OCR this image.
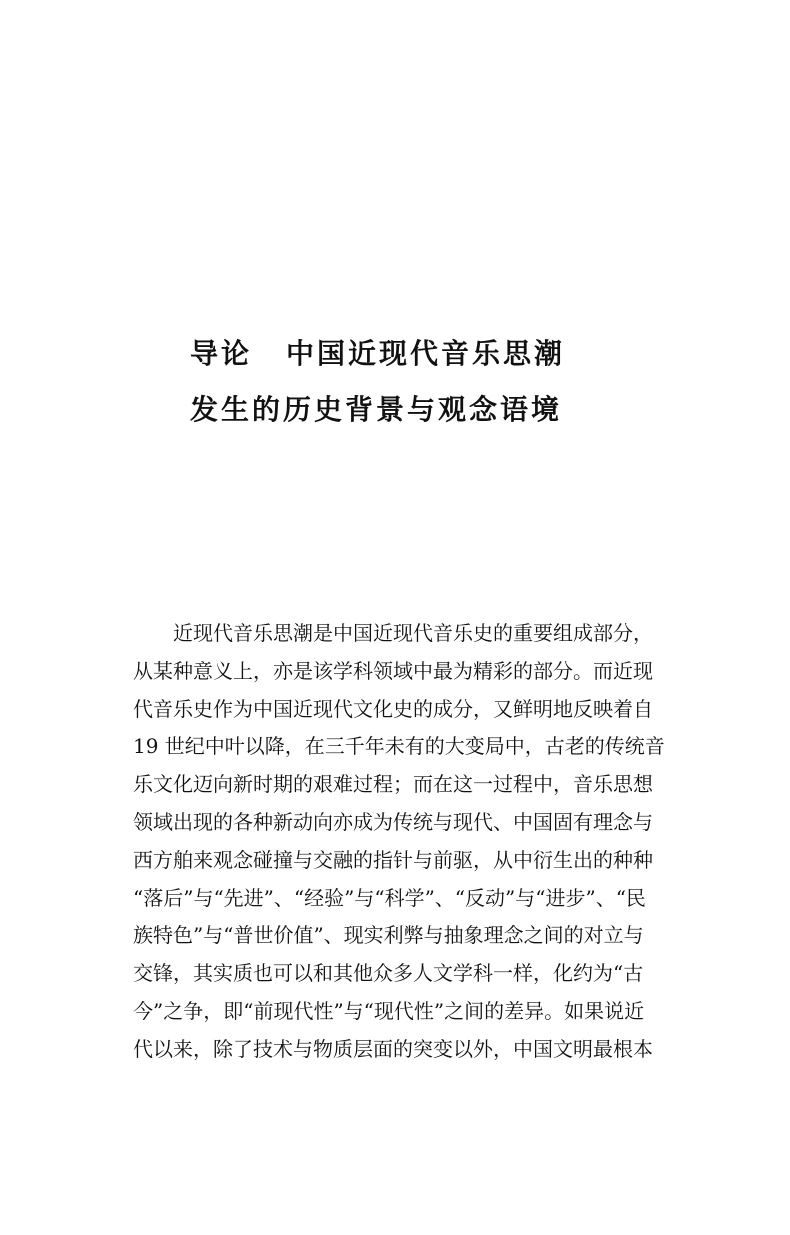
导论 中国近现代音乐思潮
发生的历史背景与观念语境
近现代音乐思潮是中国近现代音乐史的重要组成部分，
从某种意义上，亦是该学科领域中最为精彩的部分。而近现
代音乐史作为中国近现代文化史的成分，又鲜明地反映着自
19 世纪中叶以降，在三千年未有的大变局中，古老的传统音
乐文化迈向新时期的艰难过程；而在这一过程中，音乐思想
领域出现的各种新动向亦成为传统与现代、中国固有理念与
西方舶来观念碰撞与交融的指针与前驱，从中衍生出的种种
“落后”与“先进”、“经验”与“科学”、“反动”与“进步”、“民
族特色”与“普世价值”、现实利弊与抽象理念之间的对立与
交锋，其实质也可以和其他众多人文学科一样，化约为“古
今”之争，即“前现代性”与“现代性”之间的差异。如果说近
代以来，除了技术与物质层面的突变以外，中国文明最根本
